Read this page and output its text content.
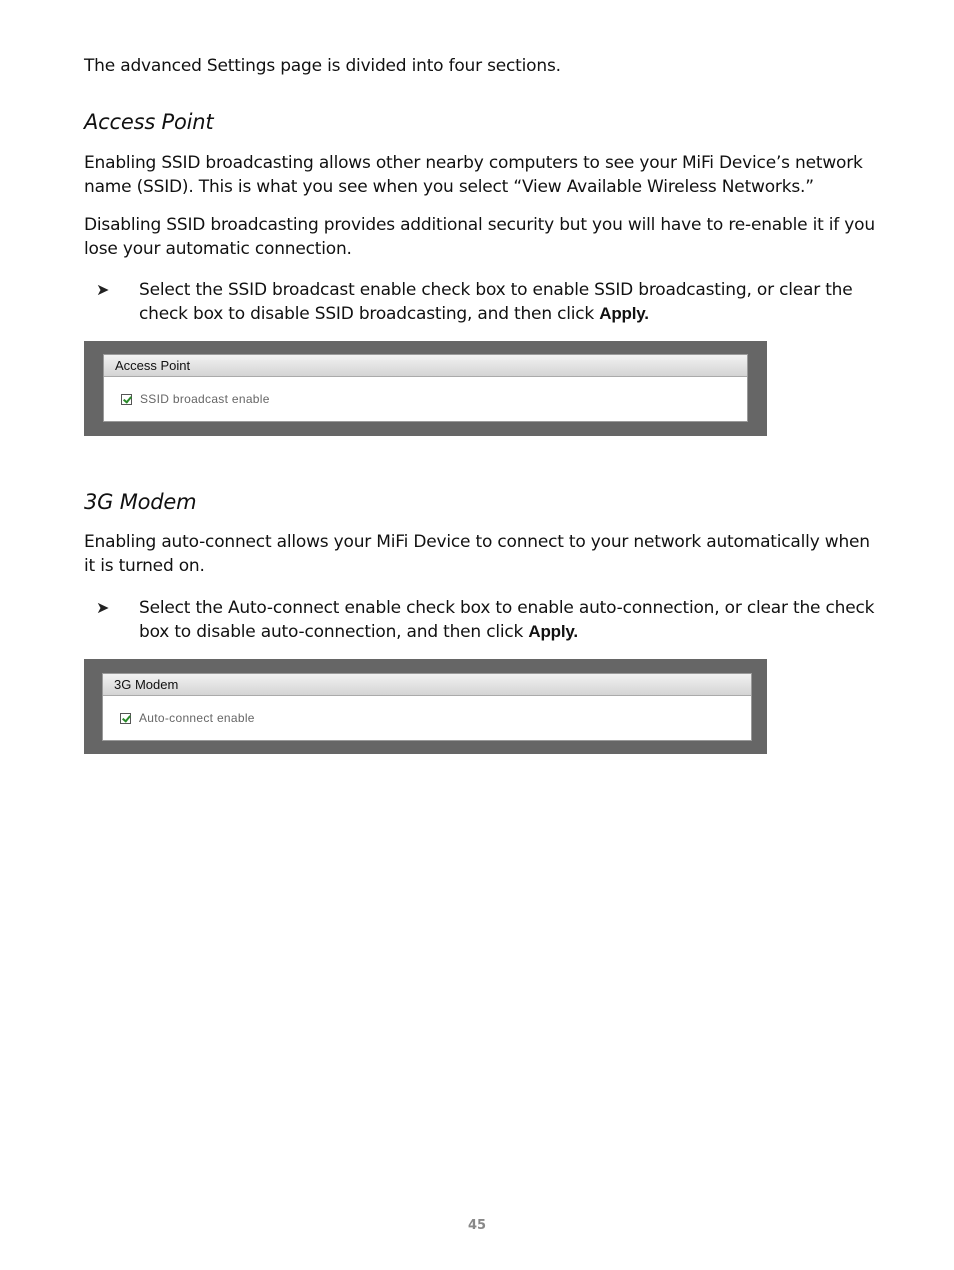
The advanced Settings page is divided into four sections.

Access Point

Enabling SSID broadcasting allows other nearby computers to see your MiFi Device’s network name (SSID). This is what you see when you select “View Available Wireless Networks.”

Disabling SSID broadcasting provides additional security but you will have to re-enable it if you lose your automatic connection.

➤ Select the SSID broadcast enable check box to enable SSID broadcasting, or clear the check box to disable SSID broadcasting, and then click Apply.
Access Point
SSID broadcast enable
3G Modem

Enabling auto-connect allows your MiFi Device to connect to your network automatically when it is turned on.

➤ Select the Auto-connect enable check box to enable auto-connection, or clear the check box to disable auto-connection, and then click Apply.
3G Modem
Auto-connect enable
45
